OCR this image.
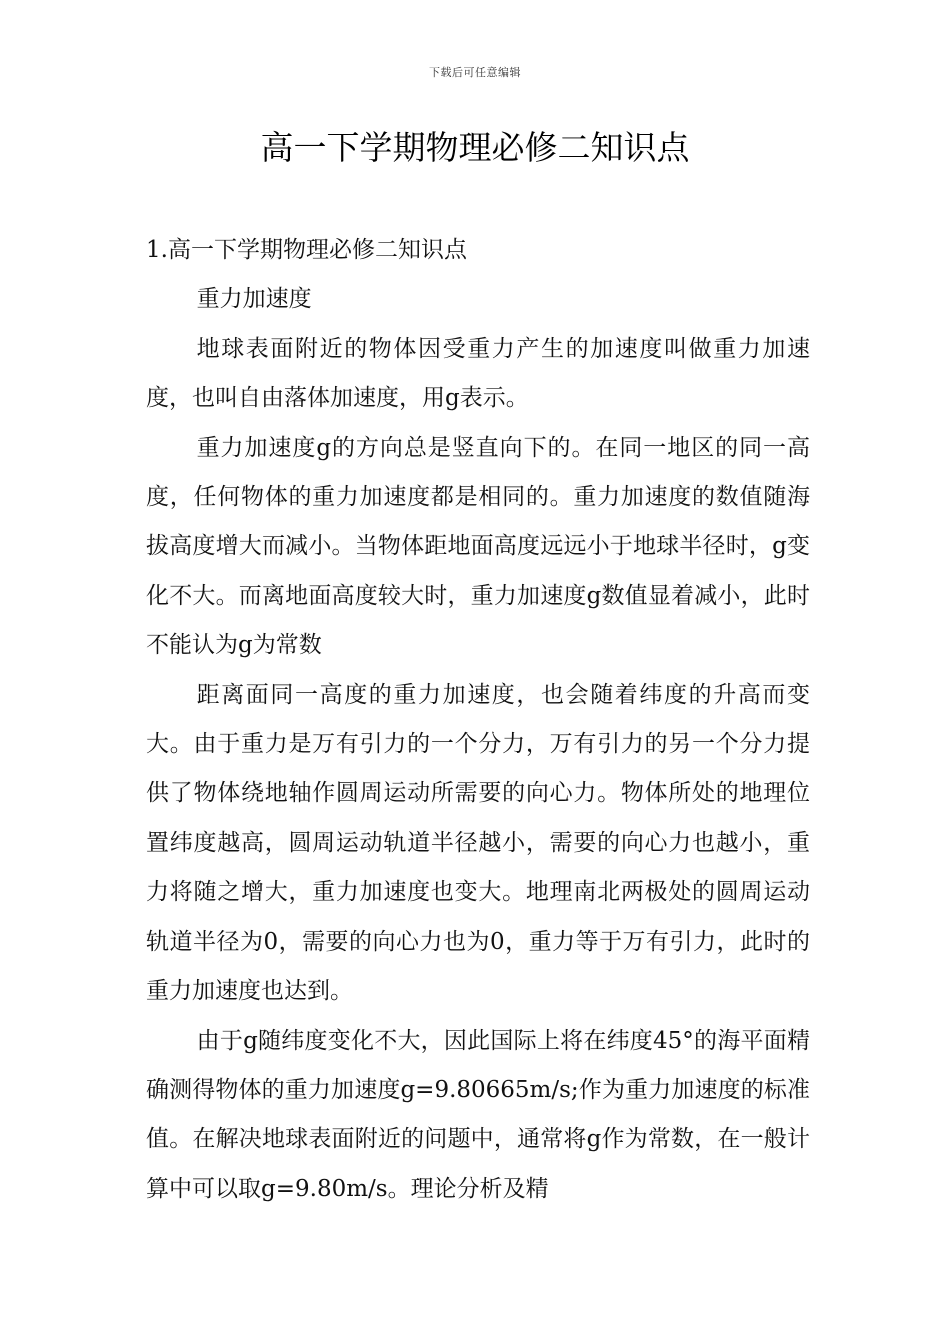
下载后可任意编辑
高一下学期物理必修二知识点

1.高一下学期物理必修二知识点

重力加速度

地球表面附近的物体因受重力产生的加速度叫做重力加速度，也叫自由落体加速度，用g表示。

重力加速度g的方向总是竖直向下的。在同一地区的同一高度，任何物体的重力加速度都是相同的。重力加速度的数值随海拔高度增大而减小。当物体距地面高度远远小于地球半径时，g变化不大。而离地面高度较大时，重力加速度g数值显着减小，此时不能认为g为常数

距离面同一高度的重力加速度，也会随着纬度的升高而变大。由于重力是万有引力的一个分力，万有引力的另一个分力提供了物体绕地轴作圆周运动所需要的向心力。物体所处的地理位置纬度越高，圆周运动轨道半径越小，需要的向心力也越小，重力将随之增大，重力加速度也变大。地理南北两极处的圆周运动轨道半径为0，需要的向心力也为0，重力等于万有引力，此时的重力加速度也达到。

由于g随纬度变化不大，因此国际上将在纬度45°的海平面精确测得物体的重力加速度g=9.80665m/s;作为重力加速度的标准值。在解决地球表面附近的问题中，通常将g作为常数，在一般计算中可以取g=9.80m/s。理论分析及精
